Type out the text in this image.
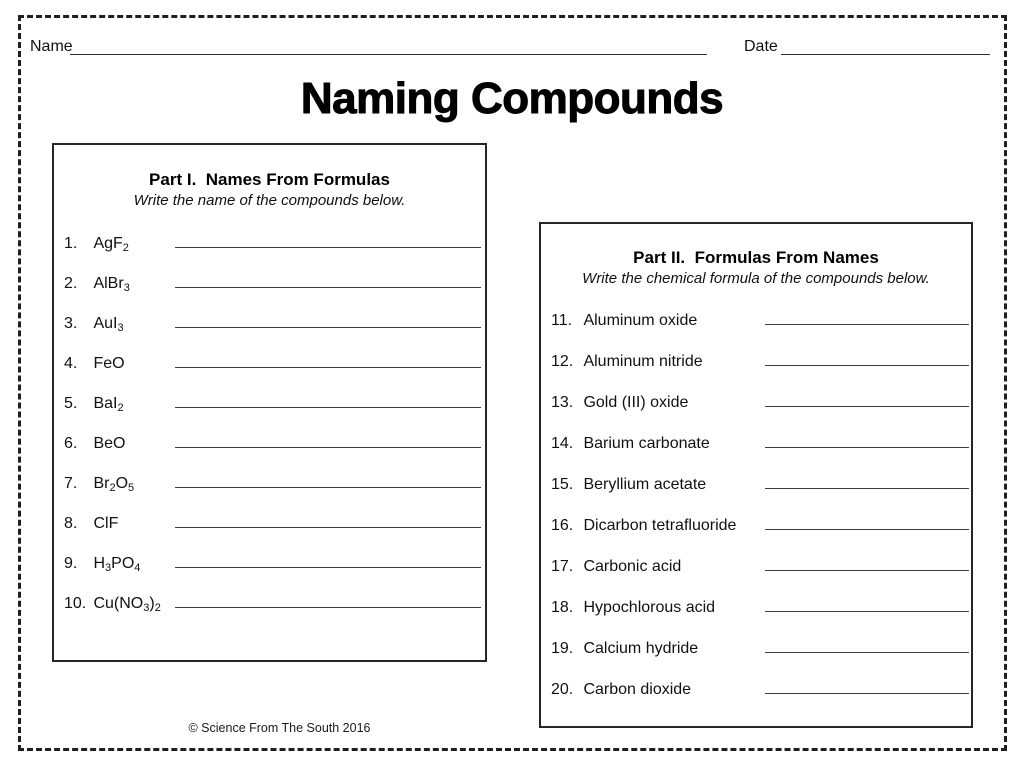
Name	Date
Naming Compounds
Part I.  Names From Formulas
Write the name of the compounds below.
1. AgF$_2$
2. AlBr$_3$
3. AuI$_3$
4. FeO
5. BaI$_2$
6. BeO
7. $Br_2O_5$
8. ClF
9. $H_3PO_4$
10. $Cu(NO_3)_2$
Part II.  Formulas From Names
Write the chemical formula of the compounds below.
11. Aluminum oxide
12. Aluminum nitride
13. Gold (III) oxide
14. Barium carbonate
15. Beryllium acetate
16. Dicarbon tetrafluoride
17. Carbonic acid
18. Hypochlorous acid
19. Calcium hydride
20. Carbon dioxide
© Science From The South 2016
